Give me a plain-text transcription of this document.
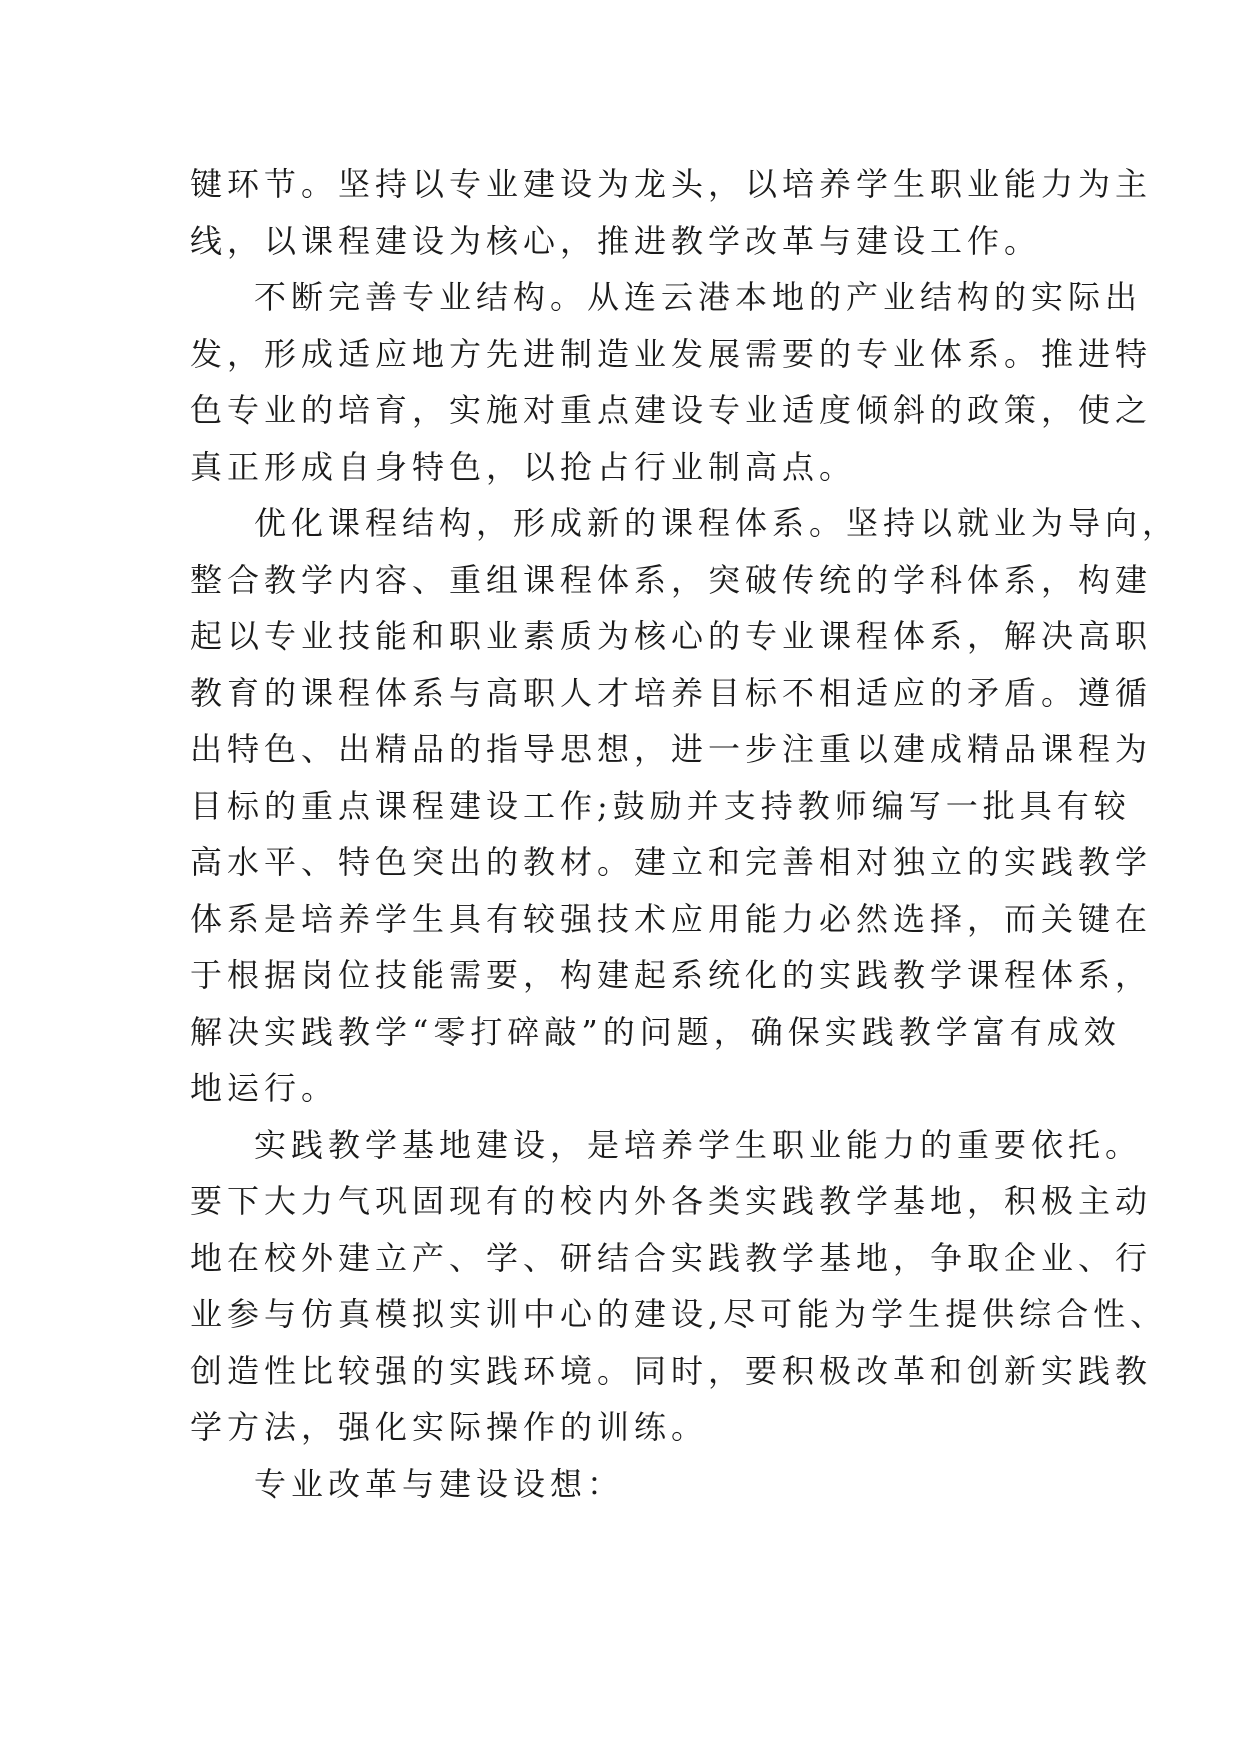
键环节。坚持以专业建设为龙头，以培养学生职业能力为主
线，以课程建设为核心，推进教学改革与建设工作。
不断完善专业结构。从连云港本地的产业结构的实际出
发，形成适应地方先进制造业发展需要的专业体系。推进特
色专业的培育，实施对重点建设专业适度倾斜的政策，使之
真正形成自身特色，以抢占行业制高点。
优化课程结构，形成新的课程体系。坚持以就业为导向，
整合教学内容、重组课程体系，突破传统的学科体系，构建
起以专业技能和职业素质为核心的专业课程体系，解决高职
教育的课程体系与高职人才培养目标不相适应的矛盾。遵循
出特色、出精品的指导思想，进一步注重以建成精品课程为
目标的重点课程建设工作;鼓励并支持教师编写一批具有较
高水平、特色突出的教材。建立和完善相对独立的实践教学
体系是培养学生具有较强技术应用能力必然选择，而关键在
于根据岗位技能需要，构建起系统化的实践教学课程体系，
解决实践教学“零打碎敲”的问题，确保实践教学富有成效
地运行。
实践教学基地建设，是培养学生职业能力的重要依托。
要下大力气巩固现有的校内外各类实践教学基地，积极主动
地在校外建立产、学、研结合实践教学基地，争取企业、行
业参与仿真模拟实训中心的建设,尽可能为学生提供综合性、
创造性比较强的实践环境。同时，要积极改革和创新实践教
学方法，强化实际操作的训练。
专业改革与建设设想：
